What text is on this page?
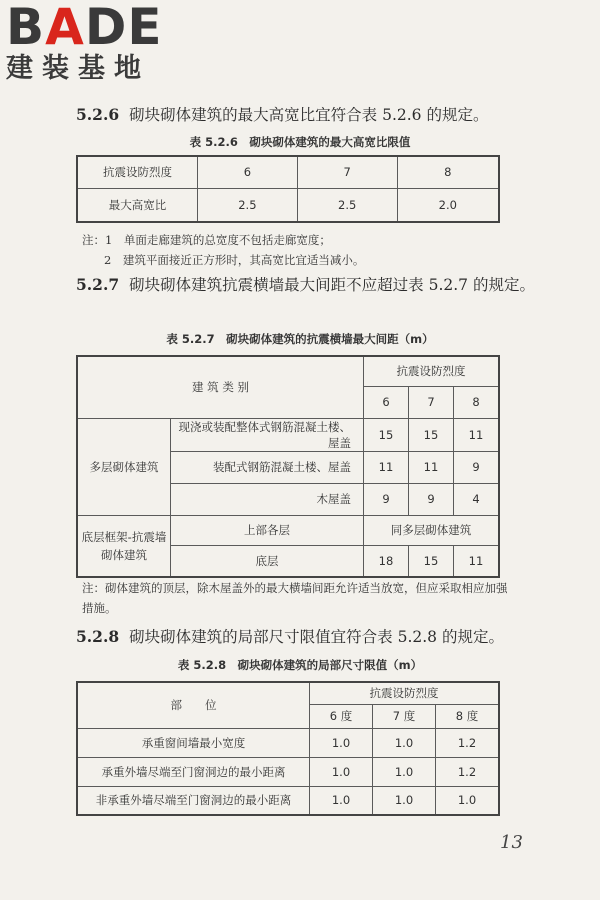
BADE
建装基地
5.2.6 砌块砌体建筑的最大高宽比宜符合表 5.2.6 的规定。
表 5.2.6　砌块砌体建筑的最大高宽比限值
抗震设防烈度	6	7	8
最大高宽比	2.5	2.5	2.0
注：1　 单面走廊建筑的总宽度不包括走廊宽度；
2　 建筑平面接近正方形时，其高宽比宜适当减小。
5.2.7 砌块砌体建筑抗震横墙最大间距不应超过表 5.2.7 的规定。
表 5.2.7　砌块砌体建筑的抗震横墙最大间距（m）
建 筑 类 别		抗震设防烈度		
		6	7	8
多层砌体建筑	现浇或装配整体式钢筋混凝土楼、屋盖	15	15	11
	装配式钢筋混凝土楼、屋盖	11	11	9
	木屋盖	9	9	4
底层框架-抗震墙砌体建筑	上部各层	同多层砌体建筑		
	底层	18	15	11
注：砌体建筑的顶层，除木屋盖外的最大横墙间距允许适当放宽，但应采取相应加强措施。
5.2.8 砌块砌体建筑的局部尺寸限值宜符合表 5.2.8 的规定。
表 5.2.8　砌块砌体建筑的局部尺寸限值（m）
部　　位	抗震设防烈度		
	6 度	7 度	8 度
承重窗间墙最小宽度	1.0	1.0	1.2
承重外墙尽端至门窗洞边的最小距离	1.0	1.0	1.2
非承重外墙尽端至门窗洞边的最小距离	1.0	1.0	1.0
13
